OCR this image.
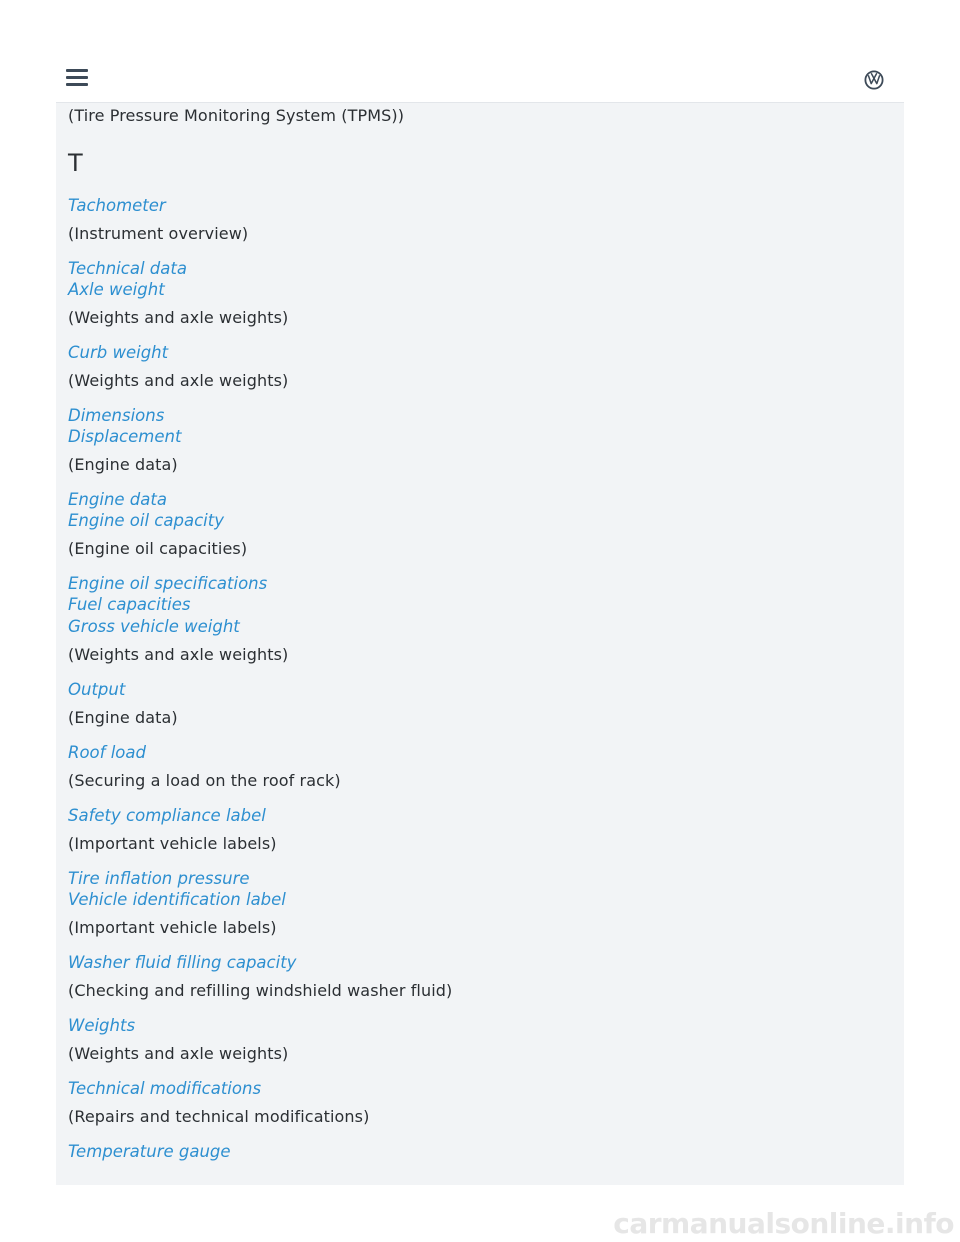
(Tire Pressure Monitoring System (TPMS))

T

Tachometer

(Instrument overview)

Technical data

Axle weight

(Weights and axle weights)

Curb weight

(Weights and axle weights)

Dimensions

Displacement

(Engine data)

Engine data

Engine oil capacity

(Engine oil capacities)

Engine oil specifications

Fuel capacities

Gross vehicle weight

(Weights and axle weights)

Output

(Engine data)

Roof load

(Securing a load on the roof rack)

Safety compliance label

(Important vehicle labels)

Tire inflation pressure

Vehicle identification label

(Important vehicle labels)

Washer fluid filling capacity

(Checking and refilling windshield washer fluid)

Weights

(Weights and axle weights)

Technical modifications

(Repairs and technical modifications)

Temperature gauge

carmanualsonline.info
